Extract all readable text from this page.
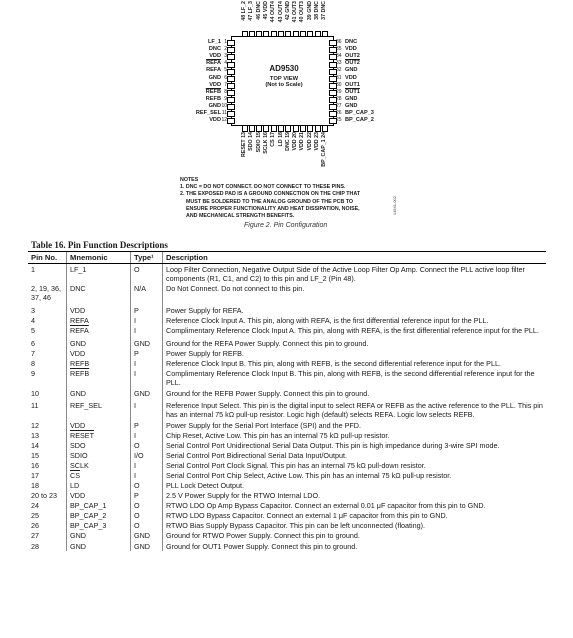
48 LF_2 47 LF_3 46 DNC 45 VDD 44 OUT4 43 OUT4 42 GND 41 OUT3 40 OUT3 39 GND 38 DNC 37 DNC
RESET 13 SDO 14 SDIO 15 SCLK 16 CS 17 LD 18 DNC 19 VDD 20 VDD 21 VDD 22 VDD 23 BP_CAP_1 24
AD9530
TOP VIEW
(Not to Scale)
LF_1 1
DNC 2
VDD 3
REFA 4
REFA 5
GND 6
VDD 7
REFB 8
REFB 9
GND 10
REF_SEL 11
VDD 12
36 DNC
35 VDD
34 OUT2
33 OUT2
32 GND
31 VDD
30 OUT1
29 OUT1
28 GND
27 GND
26 BP_CAP_3
25 BP_CAP_2
14941-002
NOTES
1. DNC = DO NOT CONNECT. DO NOT CONNECT TO THESE PINS.
2. THE EXPOSED PAD IS A GROUND CONNECTION ON THE CHIP THAT
MUST BE SOLDERED TO THE ANALOG GROUND OF THE PCB TO
ENSURE PROPER FUNCTIONALITY AND HEAT DISSIPATION, NOISE,
AND MECHANICAL STRENGTH BENEFITS.
Figure 2. Pin Configuration
Table 16. Pin Function Descriptions
Pin No.	Mnemonic	Type¹	Description
1	LF_1	O	Loop Filter Connection, Negative Output Side of the Active Loop Filter Op Amp. Connect the PLL active loop filter components (R1, C1, and C2) to this pin and LF_2 (Pin 48).
2, 19, 36, 37, 46	DNC	N/A	Do Not Connect. Do not connect to this pin.
3	VDD	P	Power Supply for REFA.
4	REFA	I	Reference Clock Input A. This pin, along with REFA, is the first differential reference input for the PLL.
5	REFA	I	Complimentary Reference Clock Input A. This pin, along with REFA, is the first differential reference input for the PLL.
6	GND	GND	Ground for the REFA Power Supply. Connect this pin to ground.
7	VDD	P	Power Supply for REFB.
8	REFB	I	Reference Clock Input B. This pin, along with REFB, is the second differential reference input for the PLL.
9	REFB	I	Complimentary Reference Clock Input B. This pin, along with REFB, is the second differential reference input for the PLL.
10	GND	GND	Ground for the REFB Power Supply. Connect this pin to ground.
11	REF_SEL	I	Reference Input Select. This pin is the digital input to select REFA or REFB as the active reference to the PLL. This pin has an internal 75 kΩ pull-up resistor. Logic high (default) selects REFA. Logic low selects REFB.
12	VDD	P	Power Supply for the Serial Port Interface (SPI) and the PFD.
13	RESET	I	Chip Reset, Active Low. This pin has an internal 75 kΩ pull-up resistor.
14	SDO	O	Serial Control Port Unidirectional Serial Data Output. This pin is high impedance during 3-wire SPI mode.
15	SDIO	I/O	Serial Control Port Bidirectional Serial Data Input/Output.
16	SCLK	I	Serial Control Port Clock Signal. This pin has an internal 75 kΩ pull-down resistor.
17	$\overline{CS}$	I	Serial Control Port Chip Select, Active Low. This pin has an internal 75 kΩ pull-up resistor.
18	LD	O	PLL Lock Detect Output.
20 to 23	VDD	P	2.5 V Power Supply for the RTWO Internal LDO.
24	BP_CAP_1	O	RTWO LDO Op Amp Bypass Capacitor. Connect an external 0.01 μF capacitor from this pin to GND.
25	BP_CAP_2	O	RTWO LDO Bypass Capacitor. Connect an external 1 μF capacitor from this pin to GND.
26	BP_CAP_3	O	RTWO Bias Supply Bypass Capacitor. This pin can be left unconnected (floating).
27	GND	GND	Ground for RTWO Power Supply. Connect this pin to ground.
28	GND	GND	Ground for OUT1 Power Supply. Connect this pin to ground.
